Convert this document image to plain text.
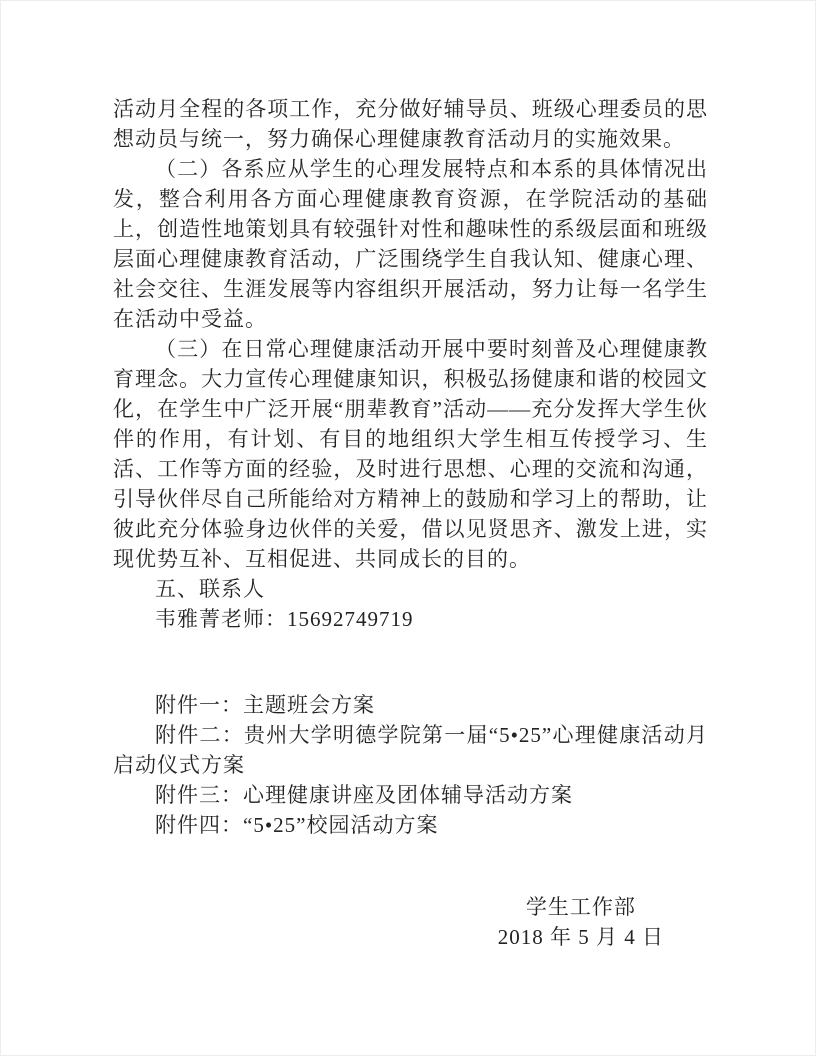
活动月全程的各项工作，充分做好辅导员、班级心理委员的思想动员与统一，努力确保心理健康教育活动月的实施效果。

（二）各系应从学生的心理发展特点和本系的具体情况出发，整合利用各方面心理健康教育资源，在学院活动的基础上，创造性地策划具有较强针对性和趣味性的系级层面和班级层面心理健康教育活动，广泛围绕学生自我认知、健康心理、社会交往、生涯发展等内容组织开展活动，努力让每一名学生在活动中受益。

（三）在日常心理健康活动开展中要时刻普及心理健康教育理念。大力宣传心理健康知识，积极弘扬健康和谐的校园文化，在学生中广泛开展“朋辈教育”活动——充分发挥大学生伙伴的作用，有计划、有目的地组织大学生相互传授学习、生活、工作等方面的经验，及时进行思想、心理的交流和沟通，引导伙伴尽自己所能给对方精神上的鼓励和学习上的帮助，让彼此充分体验身边伙伴的关爱，借以见贤思齐、激发上进，实现优势互补、互相促进、共同成长的目的。

五、联系人

韦雅菁老师：15692749719

附件一：主题班会方案

附件二：贵州大学明德学院第一届“5•25”心理健康活动月启动仪式方案

附件三：心理健康讲座及团体辅导活动方案

附件四：“5•25”校园活动方案

学生工作部

2018 年 5 月 4 日
